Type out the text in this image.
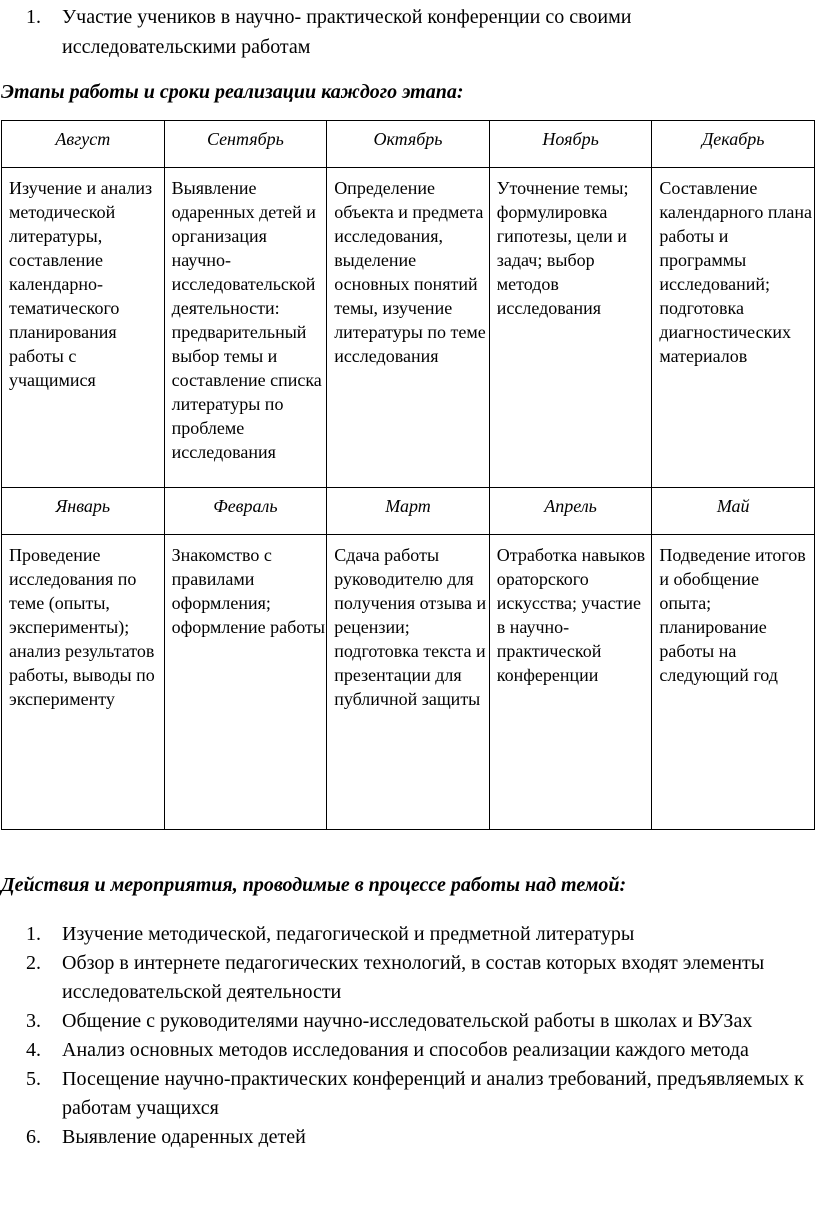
1.	Участие учеников в научно- практической конференции со своими исследовательскими работам
Этапы работы и сроки реализации каждого этапа:
Август	Сентябрь	Октябрь	Ноябрь	Декабрь
Изучение и анализ методической литературы, составление календарно-тематического планирования работы с учащимися	Выявление одаренных детей и организация научно-исследовательской деятельности: предварительный выбор темы и составление списка литературы по проблеме исследования	Определение объекта и предмета исследования, выделение основных понятий темы, изучение литературы по теме исследования	Уточнение темы; формулировка гипотезы, цели и задач; выбор методов исследования	Составление календарного плана работы и программы исследований; подготовка диагностических материалов
Январь	Февраль	Март	Апрель	Май
Проведение исследования по теме (опыты, эксперименты); анализ результатов работы, выводы по эксперименту	Знакомство с правилами оформления; оформление работы	Сдача работы руководителю для получения отзыва и рецензии; подготовка текста и презентации для публичной защиты	Отработка навыков ораторского искусства; участие в научно-практической конференции	Подведение итогов и обобщение опыта; планирование работы на следующий год
Действия и мероприятия, проводимые в процессе работы над темой:
1.	Изучение методической, педагогической и предметной литературы
2.	Обзор в интернете педагогических технологий, в состав которых входят элементы исследовательской деятельности
3.	Общение с руководителями научно-исследовательской работы в школах и ВУЗах
4.	Анализ основных методов исследования и способов реализации каждого метода
5.	Посещение научно-практических конференций и анализ требований, предъявляемых к работам учащихся
6.	Выявление одаренных детей
